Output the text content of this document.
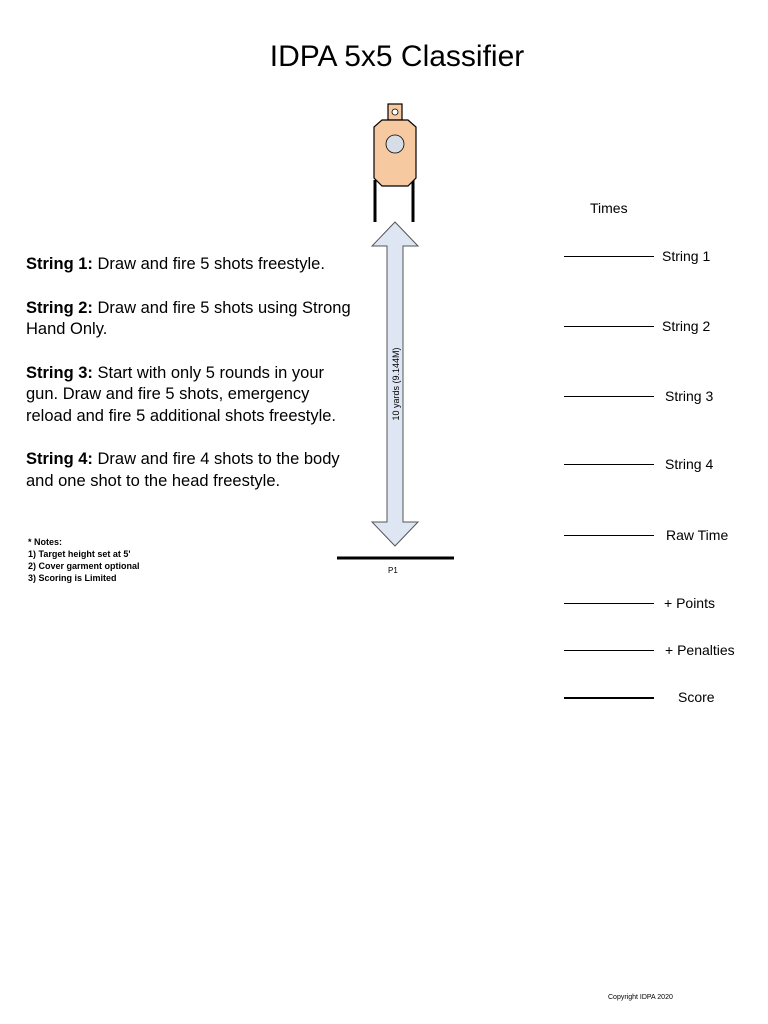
IDPA 5x5 Classifier
String 1: Draw and fire 5 shots freestyle.
String 2: Draw and fire 5 shots using Strong Hand Only.
String 3: Start with only 5 rounds in your gun. Draw and fire 5 shots, emergency reload and fire 5 additional shots freestyle.
String 4: Draw and fire 4 shots to the body and one shot to the head freestyle.
* Notes:
1) Target height set at 5'
2) Cover garment optional
3) Scoring is Limited
10 yards (9.144M)
P1
Times
String 1
String 2
String 3
String 4
Raw Time
+ Points
+ Penalties
Score
Copyright IDPA 2020
